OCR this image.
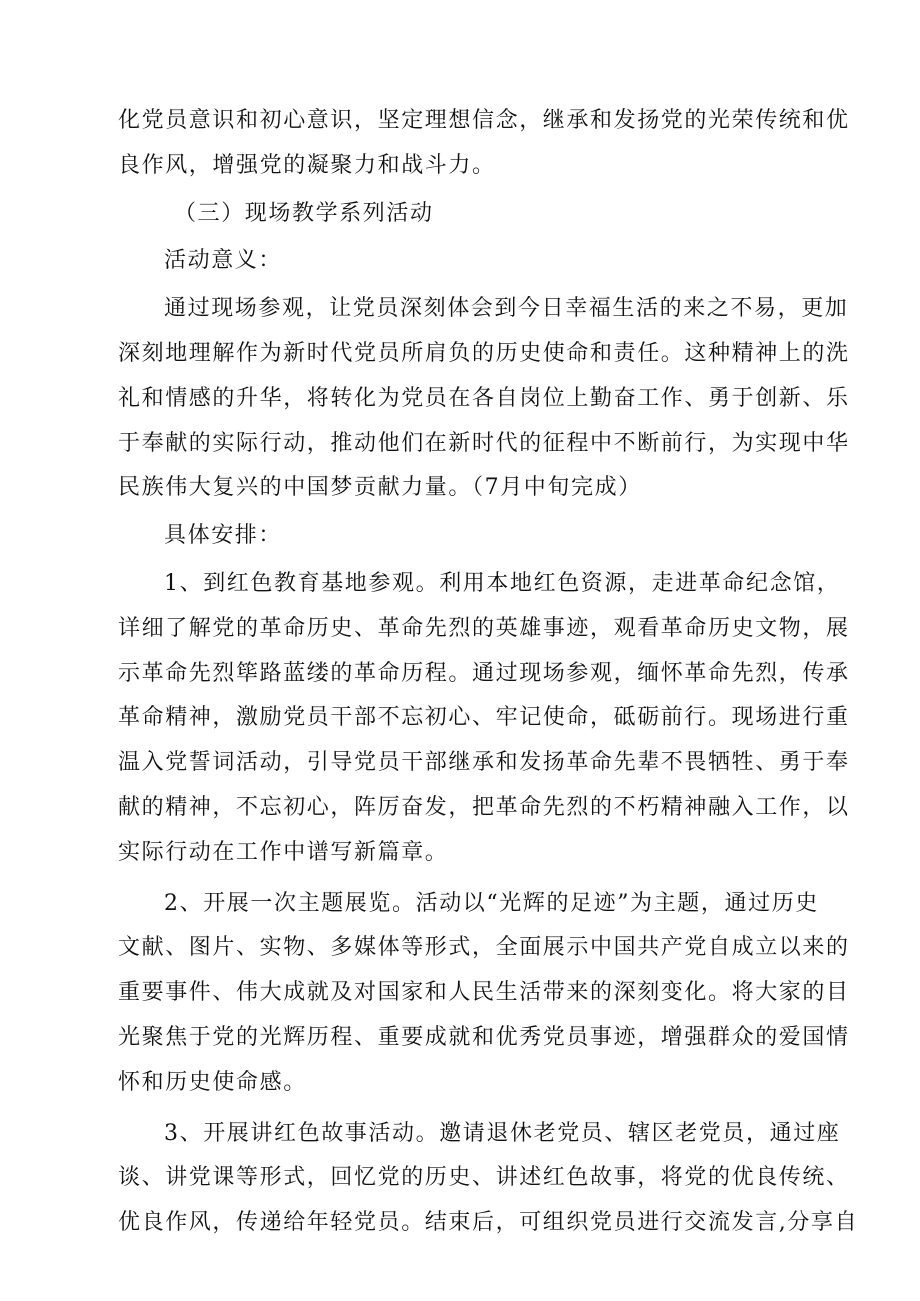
化党员意识和初心意识，坚定理想信念，继承和发扬党的光荣传统和优
良作风，增强党的凝聚力和战斗力。
（三）现场教学系列活动
活动意义：
通过现场参观，让党员深刻体会到今日幸福生活的来之不易，更加
深刻地理解作为新时代党员所肩负的历史使命和责任。这种精神上的洗
礼和情感的升华，将转化为党员在各自岗位上勤奋工作、勇于创新、乐
于奉献的实际行动，推动他们在新时代的征程中不断前行，为实现中华
民族伟大复兴的中国梦贡献力量。（7月中旬完成）
具体安排：
1、到红色教育基地参观。利用本地红色资源，走进革命纪念馆，
详细了解党的革命历史、革命先烈的英雄事迹，观看革命历史文物，展
示革命先烈筚路蓝缕的革命历程。通过现场参观，缅怀革命先烈，传承
革命精神，激励党员干部不忘初心、牢记使命，砥砺前行。现场进行重
温入党誓词活动，引导党员干部继承和发扬革命先辈不畏牺牲、勇于奉
献的精神，不忘初心，阵厉奋发，把革命先烈的不朽精神融入工作，以
实际行动在工作中谱写新篇章。
2、开展一次主题展览。活动以“光辉的足迹”为主题，通过历史
文献、图片、实物、多媒体等形式，全面展示中国共产党自成立以来的
重要事件、伟大成就及对国家和人民生活带来的深刻变化。将大家的目
光聚焦于党的光辉历程、重要成就和优秀党员事迹，增强群众的爱国情
怀和历史使命感。
3、开展讲红色故事活动。邀请退休老党员、辖区老党员，通过座
谈、讲党课等形式，回忆党的历史、讲述红色故事，将党的优良传统、
优良作风，传递给年轻党员。结束后，可组织党员进行交流发言,分享自
